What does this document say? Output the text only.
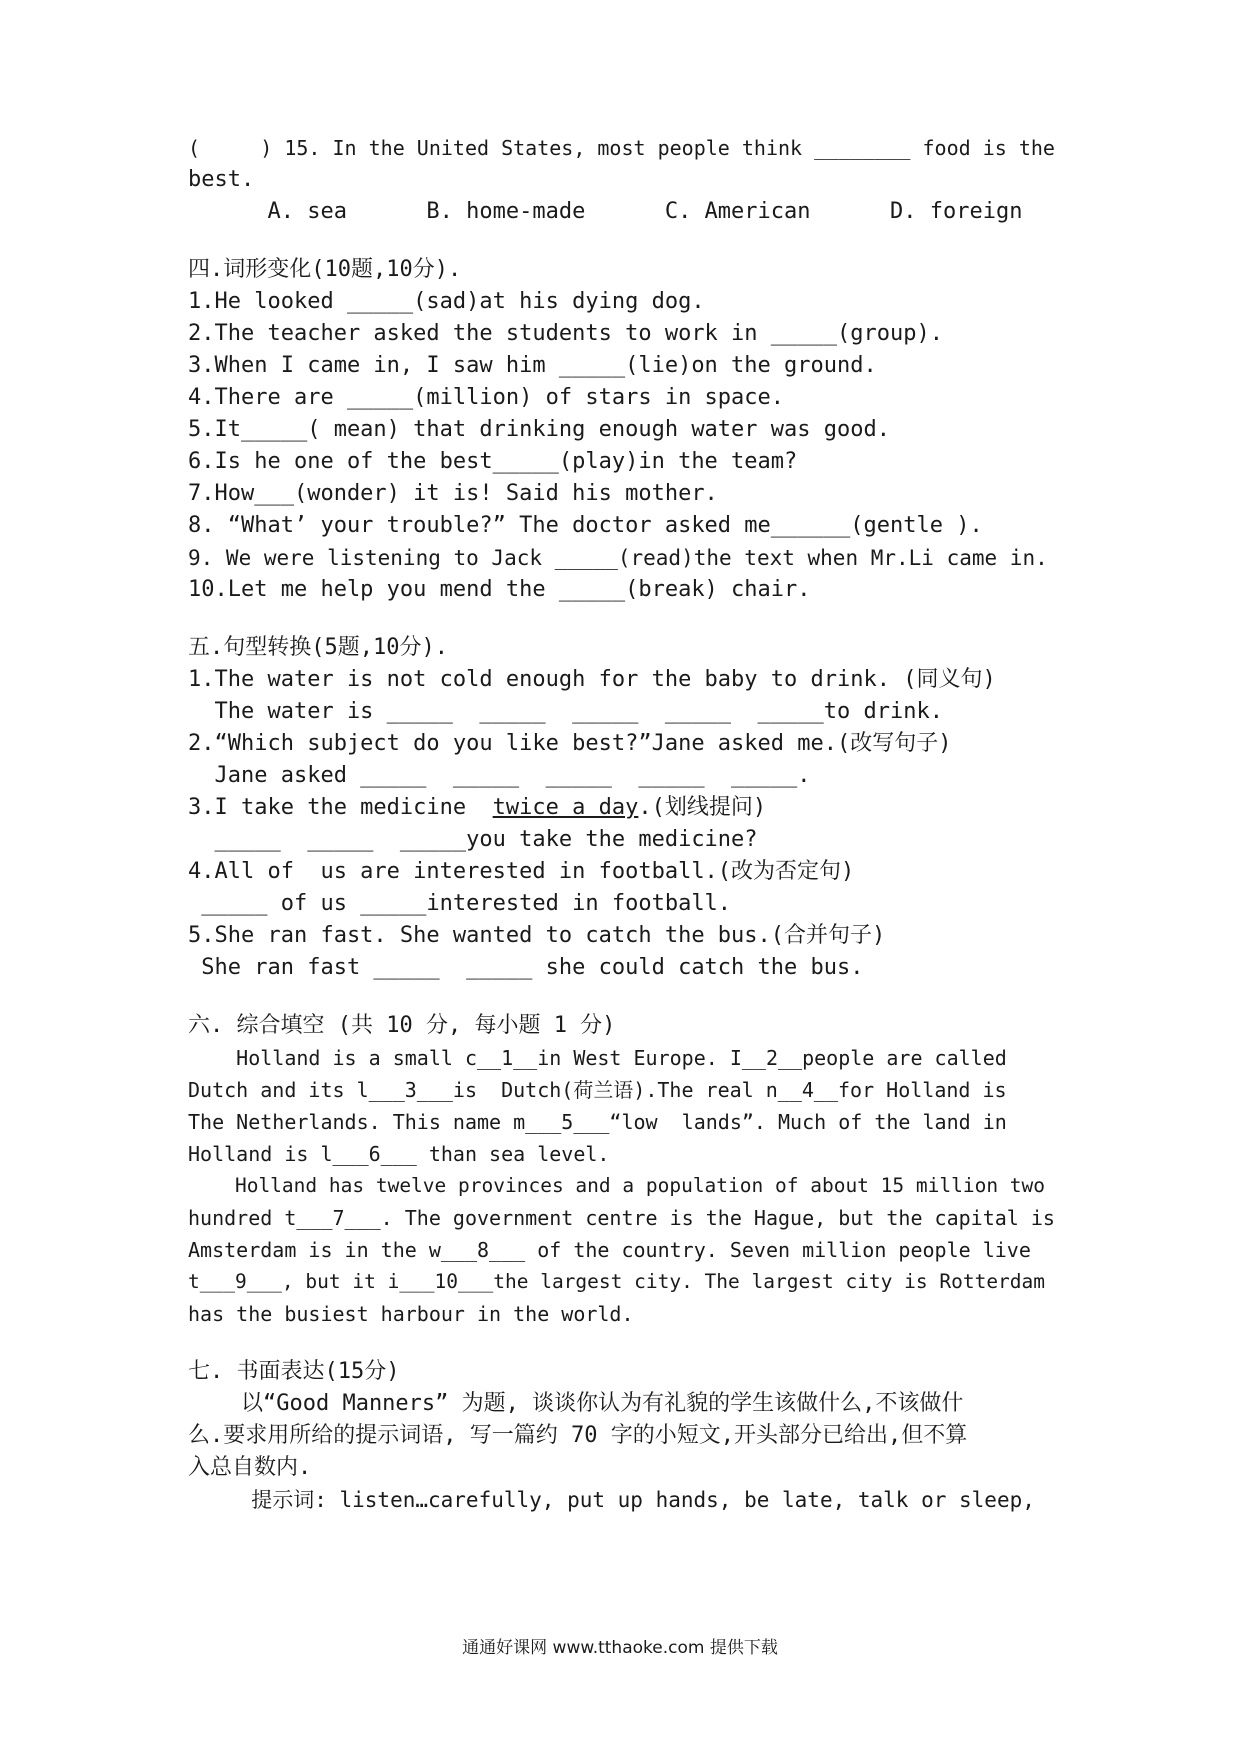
(     ) 15. In the United States, most people think ________ food is the
best.
A. sea      B. home-made      C. American      D. foreign
四.词形变化(10题,10分).
1.He looked _____(sad)at his dying dog.
2.The teacher asked the students to work in _____(group).
3.When I came in, I saw him _____(lie)on the ground.
4.There are _____(million) of stars in space.
5.It_____( mean) that drinking enough water was good.
6.Is he one of the best_____(play)in the team?
7.How___(wonder) it is! Said his mother.
8. “What’ your trouble?” The doctor asked me______(gentle ).
9. We were listening to Jack _____(read)the text when Mr.Li came in.
10.Let me help you mend the _____(break) chair.
五.句型转换(5题,10分).
1.The water is not cold enough for the baby to drink. (同义句)
The water is _____  _____  _____  _____  _____to drink.
2.“Which subject do you like best?”Jane asked me.(改写句子)
Jane asked _____  _____  _____  _____  _____.
3.I take the medicine  twice a day.(划线提问)
_____  _____  _____you take the medicine?
4.All of  us are interested in football.(改为否定句)
_____ of us _____interested in football.
5.She ran fast. She wanted to catch the bus.(合并句子)
She ran fast _____  _____ she could catch the bus.
六. 综合填空 (共 10 分, 每小题 1 分)
Holland is a small c__1__in West Europe. I__2__people are called
Dutch and its l___3___is  Dutch(荷兰语).The real n__4__for Holland is
The Netherlands. This name m___5___“low  lands”. Much of the land in
Holland is l___6___ than sea level.
Holland has twelve provinces and a population of about 15 million two
hundred t___7___. The government centre is the Hague, but the capital is
Amsterdam is in the w___8___ of the country. Seven million people live
t___9___, but it i___10___the largest city. The largest city is Rotterdam
has the busiest harbour in the world.
七. 书面表达(15分)
以“Good Manners” 为题, 谈谈你认为有礼貌的学生该做什么,不该做什
么.要求用所给的提示词语, 写一篇约 70 字的小短文,开头部分已给出,但不算
入总自数内.
提示词: listen…carefully, put up hands, be late, talk or sleep,
通通好课网 www.tthaoke.com 提供下载
